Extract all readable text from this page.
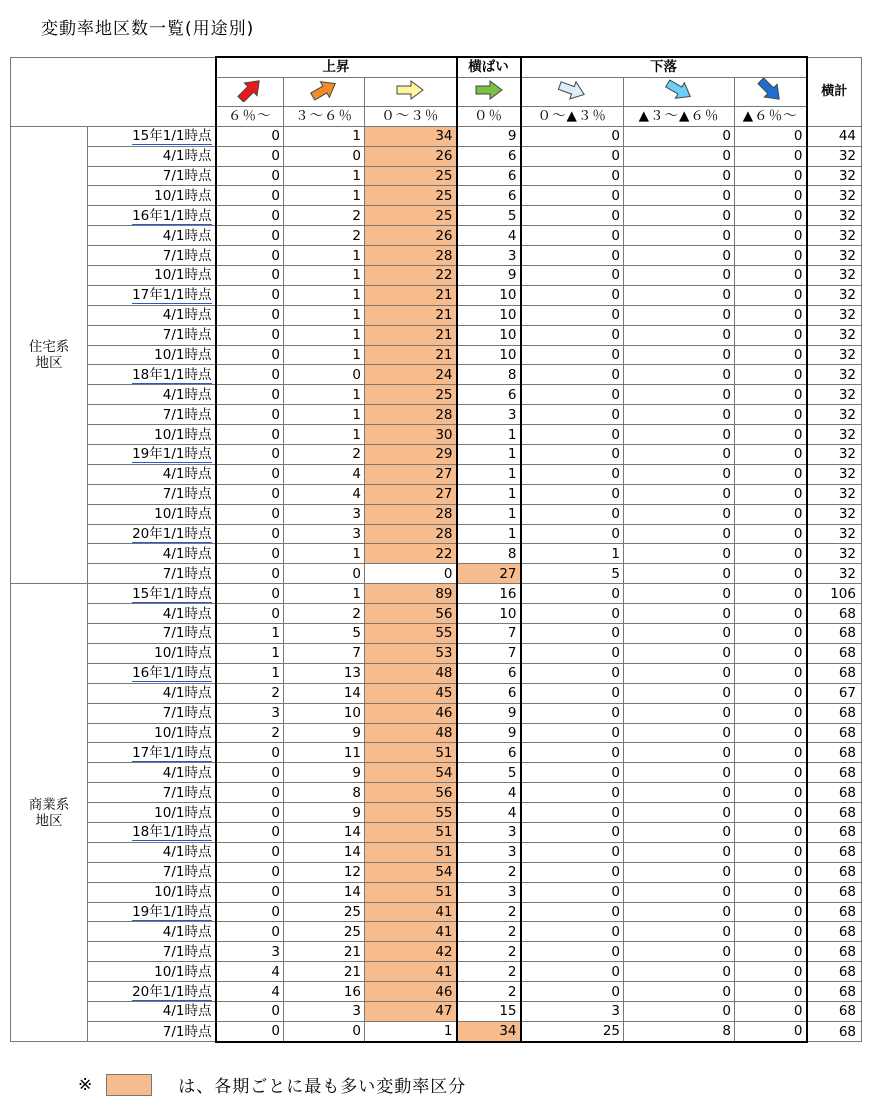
変動率地区数一覧(用途別)
		上昇			横ばい	下落			横計

		６％～	３～６％	０～３％	０％	０～▲３％	▲３～▲６％	▲６％～	
住宅系
地区	15年1/1時点	0	1	34	9	0	0	0	44
	4/1時点	0	0	26	6	0	0	0	32
	7/1時点	0	1	25	6	0	0	0	32
	10/1時点	0	1	25	6	0	0	0	32
	16年1/1時点	0	2	25	5	0	0	0	32
	4/1時点	0	2	26	4	0	0	0	32
	7/1時点	0	1	28	3	0	0	0	32
	10/1時点	0	1	22	9	0	0	0	32
	17年1/1時点	0	1	21	10	0	0	0	32
	4/1時点	0	1	21	10	0	0	0	32
	7/1時点	0	1	21	10	0	0	0	32
	10/1時点	0	1	21	10	0	0	0	32
	18年1/1時点	0	0	24	8	0	0	0	32
	4/1時点	0	1	25	6	0	0	0	32
	7/1時点	0	1	28	3	0	0	0	32
	10/1時点	0	1	30	1	0	0	0	32
	19年1/1時点	0	2	29	1	0	0	0	32
	4/1時点	0	4	27	1	0	0	0	32
	7/1時点	0	4	27	1	0	0	0	32
	10/1時点	0	3	28	1	0	0	0	32
	20年1/1時点	0	3	28	1	0	0	0	32
	4/1時点	0	1	22	8	1	0	0	32
	7/1時点	0	0	0	27	5	0	0	32
商業系
地区	15年1/1時点	0	1	89	16	0	0	0	106
	4/1時点	0	2	56	10	0	0	0	68
	7/1時点	1	5	55	7	0	0	0	68
	10/1時点	1	7	53	7	0	0	0	68
	16年1/1時点	1	13	48	6	0	0	0	68
	4/1時点	2	14	45	6	0	0	0	67
	7/1時点	3	10	46	9	0	0	0	68
	10/1時点	2	9	48	9	0	0	0	68
	17年1/1時点	0	11	51	6	0	0	0	68
	4/1時点	0	9	54	5	0	0	0	68
	7/1時点	0	8	56	4	0	0	0	68
	10/1時点	0	9	55	4	0	0	0	68
	18年1/1時点	0	14	51	3	0	0	0	68
	4/1時点	0	14	51	3	0	0	0	68
	7/1時点	0	12	54	2	0	0	0	68
	10/1時点	0	14	51	3	0	0	0	68
	19年1/1時点	0	25	41	2	0	0	0	68
	4/1時点	0	25	41	2	0	0	0	68
	7/1時点	3	21	42	2	0	0	0	68
	10/1時点	4	21	41	2	0	0	0	68
	20年1/1時点	4	16	46	2	0	0	0	68
	4/1時点	0	3	47	15	3	0	0	68
	7/1時点	0	0	1	34	25	8	0	68
※	は、各期ごとに最も多い変動率区分
